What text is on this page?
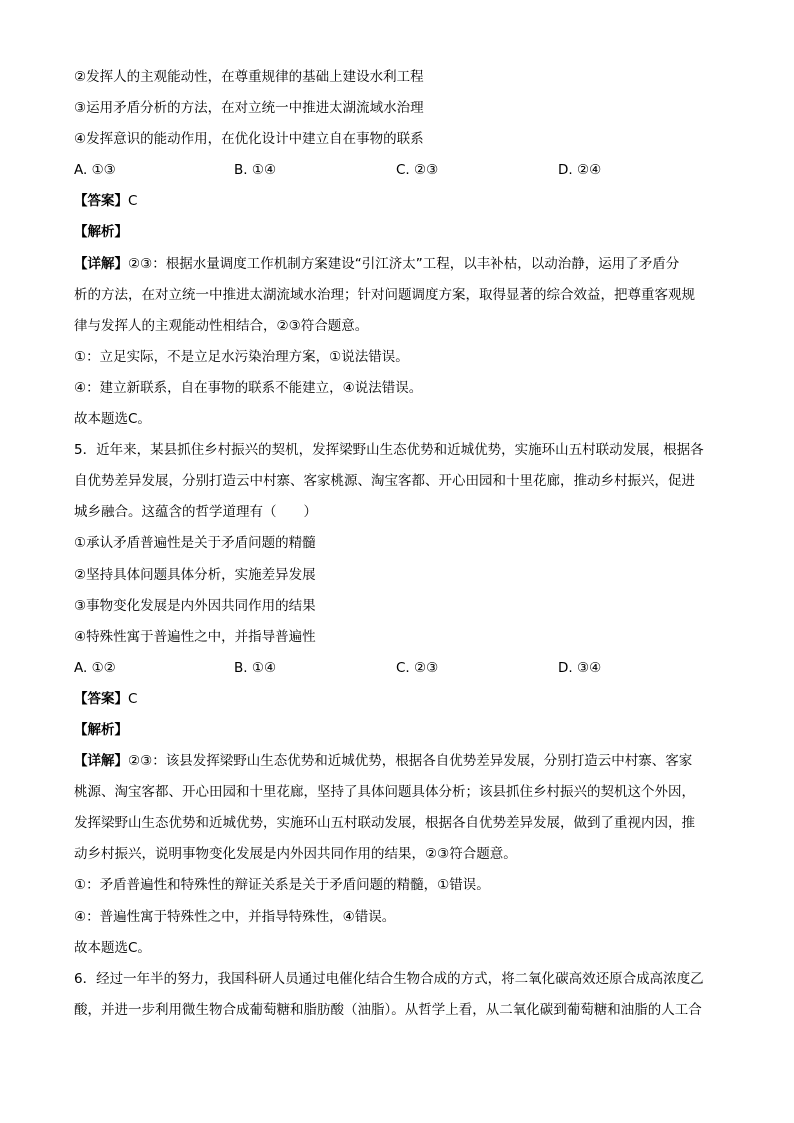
②发挥人的主观能动性，在尊重规律的基础上建设水利工程
③运用矛盾分析的方法，在对立统一中推进太湖流域水治理
④发挥意识的能动作用，在优化设计中建立自在事物的联系
A. ①③	B. ①④	C. ②③	D. ②④
【答案】C
【解析】
【详解】②③：根据水量调度工作机制方案建设“引江济太”工程，以丰补枯，以动治静，运用了矛盾分
析的方法，在对立统一中推进太湖流域水治理；针对问题调度方案，取得显著的综合效益，把尊重客观规
律与发挥人的主观能动性相结合，②③符合题意。
①：立足实际，不是立足水污染治理方案，①说法错误。
④：建立新联系，自在事物的联系不能建立，④说法错误。
故本题选C。
5．近年来，某县抓住乡村振兴的契机，发挥梁野山生态优势和近城优势，实施环山五村联动发展，根据各
自优势差异发展，分别打造云中村寨、客家桃源、淘宝客都、开心田园和十里花廊，推动乡村振兴，促进
城乡融合。这蕴含的哲学道理有（　　）
①承认矛盾普遍性是关于矛盾问题的精髓
②坚持具体问题具体分析，实施差异发展
③事物变化发展是内外因共同作用的结果
④特殊性寓于普遍性之中，并指导普遍性
A. ①②	B. ①④	C. ②③	D. ③④
【答案】C
【解析】
【详解】②③：该县发挥梁野山生态优势和近城优势，根据各自优势差异发展，分别打造云中村寨、客家
桃源、淘宝客都、开心田园和十里花廊，坚持了具体问题具体分析；该县抓住乡村振兴的契机这个外因，
发挥梁野山生态优势和近城优势，实施环山五村联动发展，根据各自优势差异发展，做到了重视内因，推
动乡村振兴，说明事物变化发展是内外因共同作用的结果，②③符合题意。
①：矛盾普遍性和特殊性的辩证关系是关于矛盾问题的精髓，①错误。
④：普遍性寓于特殊性之中，并指导特殊性，④错误。
故本题选C。
6．经过一年半的努力，我国科研人员通过电催化结合生物合成的方式，将二氧化碳高效还原合成高浓度乙
酸，并进一步利用微生物合成葡萄糖和脂肪酸（油脂）。从哲学上看，从二氧化碳到葡萄糖和油脂的人工合
